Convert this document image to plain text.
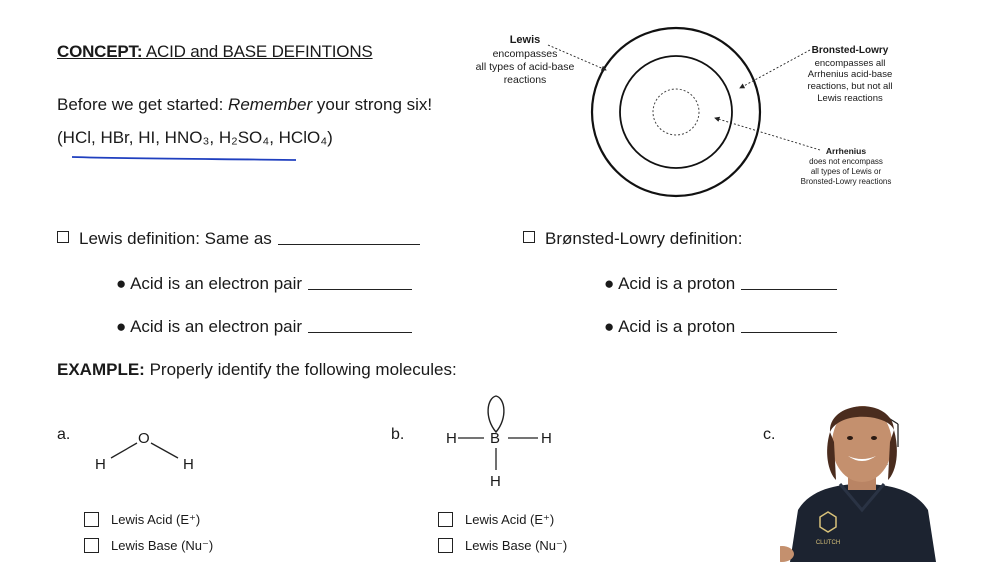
CONCEPT: ACID and BASE DEFINTIONS
Before we get started: Remember your strong six!
(HCl, HBr, HI, HNO₃, H₂SO₄, HClO₄)
Lewis
encompasses
all types of acid-base
reactions
Bronsted-Lowry
encompasses all
Arrhenius acid-base
reactions, but not all
Lewis reactions
Arrhenius
does not encompass
all types of Lewis or
Bronsted-Lowry reactions
Lewis definition: Same as	Brønsted-Lowry definition:
● Acid is an electron pair
● Acid is an electron pair
● Acid is a proton
● Acid is a proton
EXAMPLE: Properly identify the following molecules:
a.	O
H	H
b.	H B	H
H
c.
Lewis Acid (E⁺)
Lewis Base (Nu⁻)
Lewis Acid (E⁺)
Lewis Base (Nu⁻)	CLUTCH
